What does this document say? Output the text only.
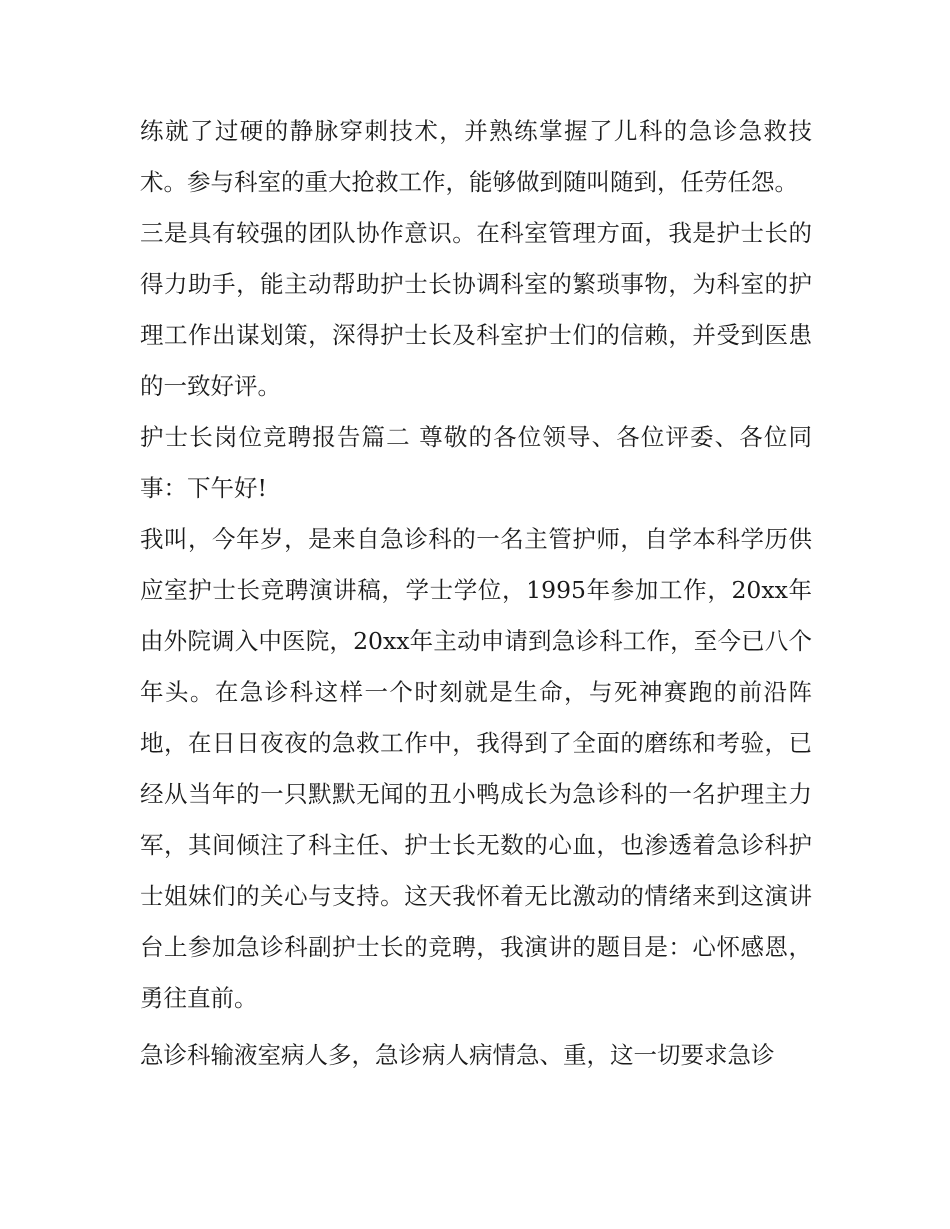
练就了过硬的静脉穿刺技术，并熟练掌握了儿科的急诊急救技术。参与科室的重大抢救工作，能够做到随叫随到，任劳任怨。

三是具有较强的团队协作意识。在科室管理方面，我是护士长的得力助手，能主动帮助护士长协调科室的繁琐事物，为科室的护理工作出谋划策，深得护士长及科室护士们的信赖，并受到医患的一致好评。

护士长岗位竞聘报告篇二 尊敬的各位领导、各位评委、各位同事：下午好!

我叫，今年岁，是来自急诊科的一名主管护师，自学本科学历供应室护士长竞聘演讲稿，学士学位，1995年参加工作，20xx年由外院调入中医院，20xx年主动申请到急诊科工作，至今已八个年头。在急诊科这样一个时刻就是生命，与死神赛跑的前沿阵地，在日日夜夜的急救工作中，我得到了全面的磨练和考验，已经从当年的一只默默无闻的丑小鸭成长为急诊科的一名护理主力军，其间倾注了科主任、护士长无数的心血，也渗透着急诊科护士姐妹们的关心与支持。这天我怀着无比激动的情绪来到这演讲台上参加急诊科副护士长的竞聘，我演讲的题目是：心怀感恩，勇往直前。

急诊科输液室病人多，急诊病人病情急、重，这一切要求急诊
